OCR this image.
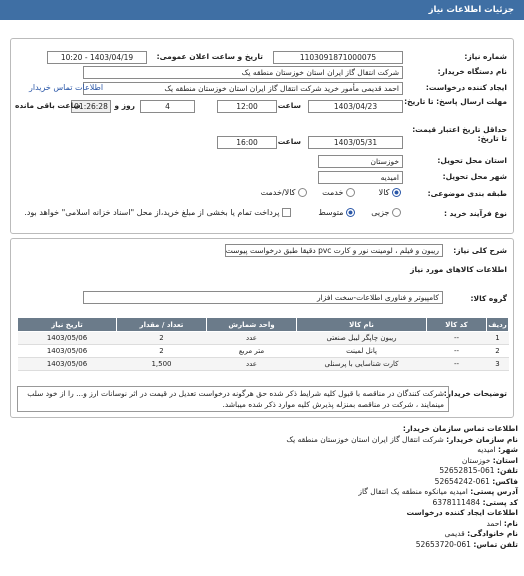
جزئیات اطلاعات نیاز
شماره نیاز:
1103091871000075
تاریخ و ساعت اعلان عمومی:
1403/04/19 - 10:20
نام دستگاه خریدار:
شرکت انتقال گاز ایران استان خوزستان منطقه یک
ایجاد کننده درخواست:
احمد قدیمی مأمور خرید شرکت انتقال گاز ایران استان خوزستان منطقه یک
اطلاعات تماس خریدار
مهلت ارسال پاسخ: تا تاریخ:
1403/04/23
ساعت
12:00
4
روز و
01:26:28
ساعت باقی مانده
حداقل تاریخ اعتبار قیمت: تا تاریخ:
1403/05/31
ساعت
16:00
استان محل تحویل:
خوزستان
شهر محل تحویل:
امیدیه
طبقه بندی موضوعی:
کالا
خدمت
کالا/خدمت
نوع فرآیند خرید :
جزیی
متوسط
پرداخت تمام یا بخشی از مبلغ خرید،از محل "اسناد خزانه اسلامی" خواهد بود.
شرح کلی نیاز:
ریبون و فیلم ، لومینت نور و کارت pvc دقیقا طبق درخواست پیوست
اطلاعات کالاهای مورد نیاز
گروه کالا:
کامپیوتر و فناوری اطلاعات-سخت افزار
ردیف	کد کالا	نام کالا	واحد شمارش	تعداد / مقدار	تاریخ نیاز
1	--	ریبون چاپگر لیبل صنعتی	عدد	2	1403/05/06
2	--	پانل لمینت	متر مربع	2	1403/05/06
3	--	کارت شناسایی با پرسنلی	عدد	1,500	1403/05/06
توضیحات خریدار:
شرکت کنندگان در مناقصه با قبول کلیه شرایط ذکر شده حق هرگونه درخواست تعدیل در قیمت در اثر نوسانات ارز و... را از خود سلب مینمایند ، شرکت در مناقصه بمنزله پذیرش کلیه موارد ذکر شده میباشد.
اطلاعات تماس سازمان خریدار:
نام سازمان خریدار: شرکت انتقال گاز ایران استان خوزستان منطقه یک
شهر: امیدیه
استان: خوزستان
تلفن: 061-52652815
فاکس: 061-52654242
آدرس پستی: امیدیه میانکوه منطقه یک انتقال گاز
کد پستی: 6378111484
اطلاعات ایجاد کننده درخواست
نام: احمد
نام خانوادگی: قدیمی
تلفن تماس: 061-52653720
